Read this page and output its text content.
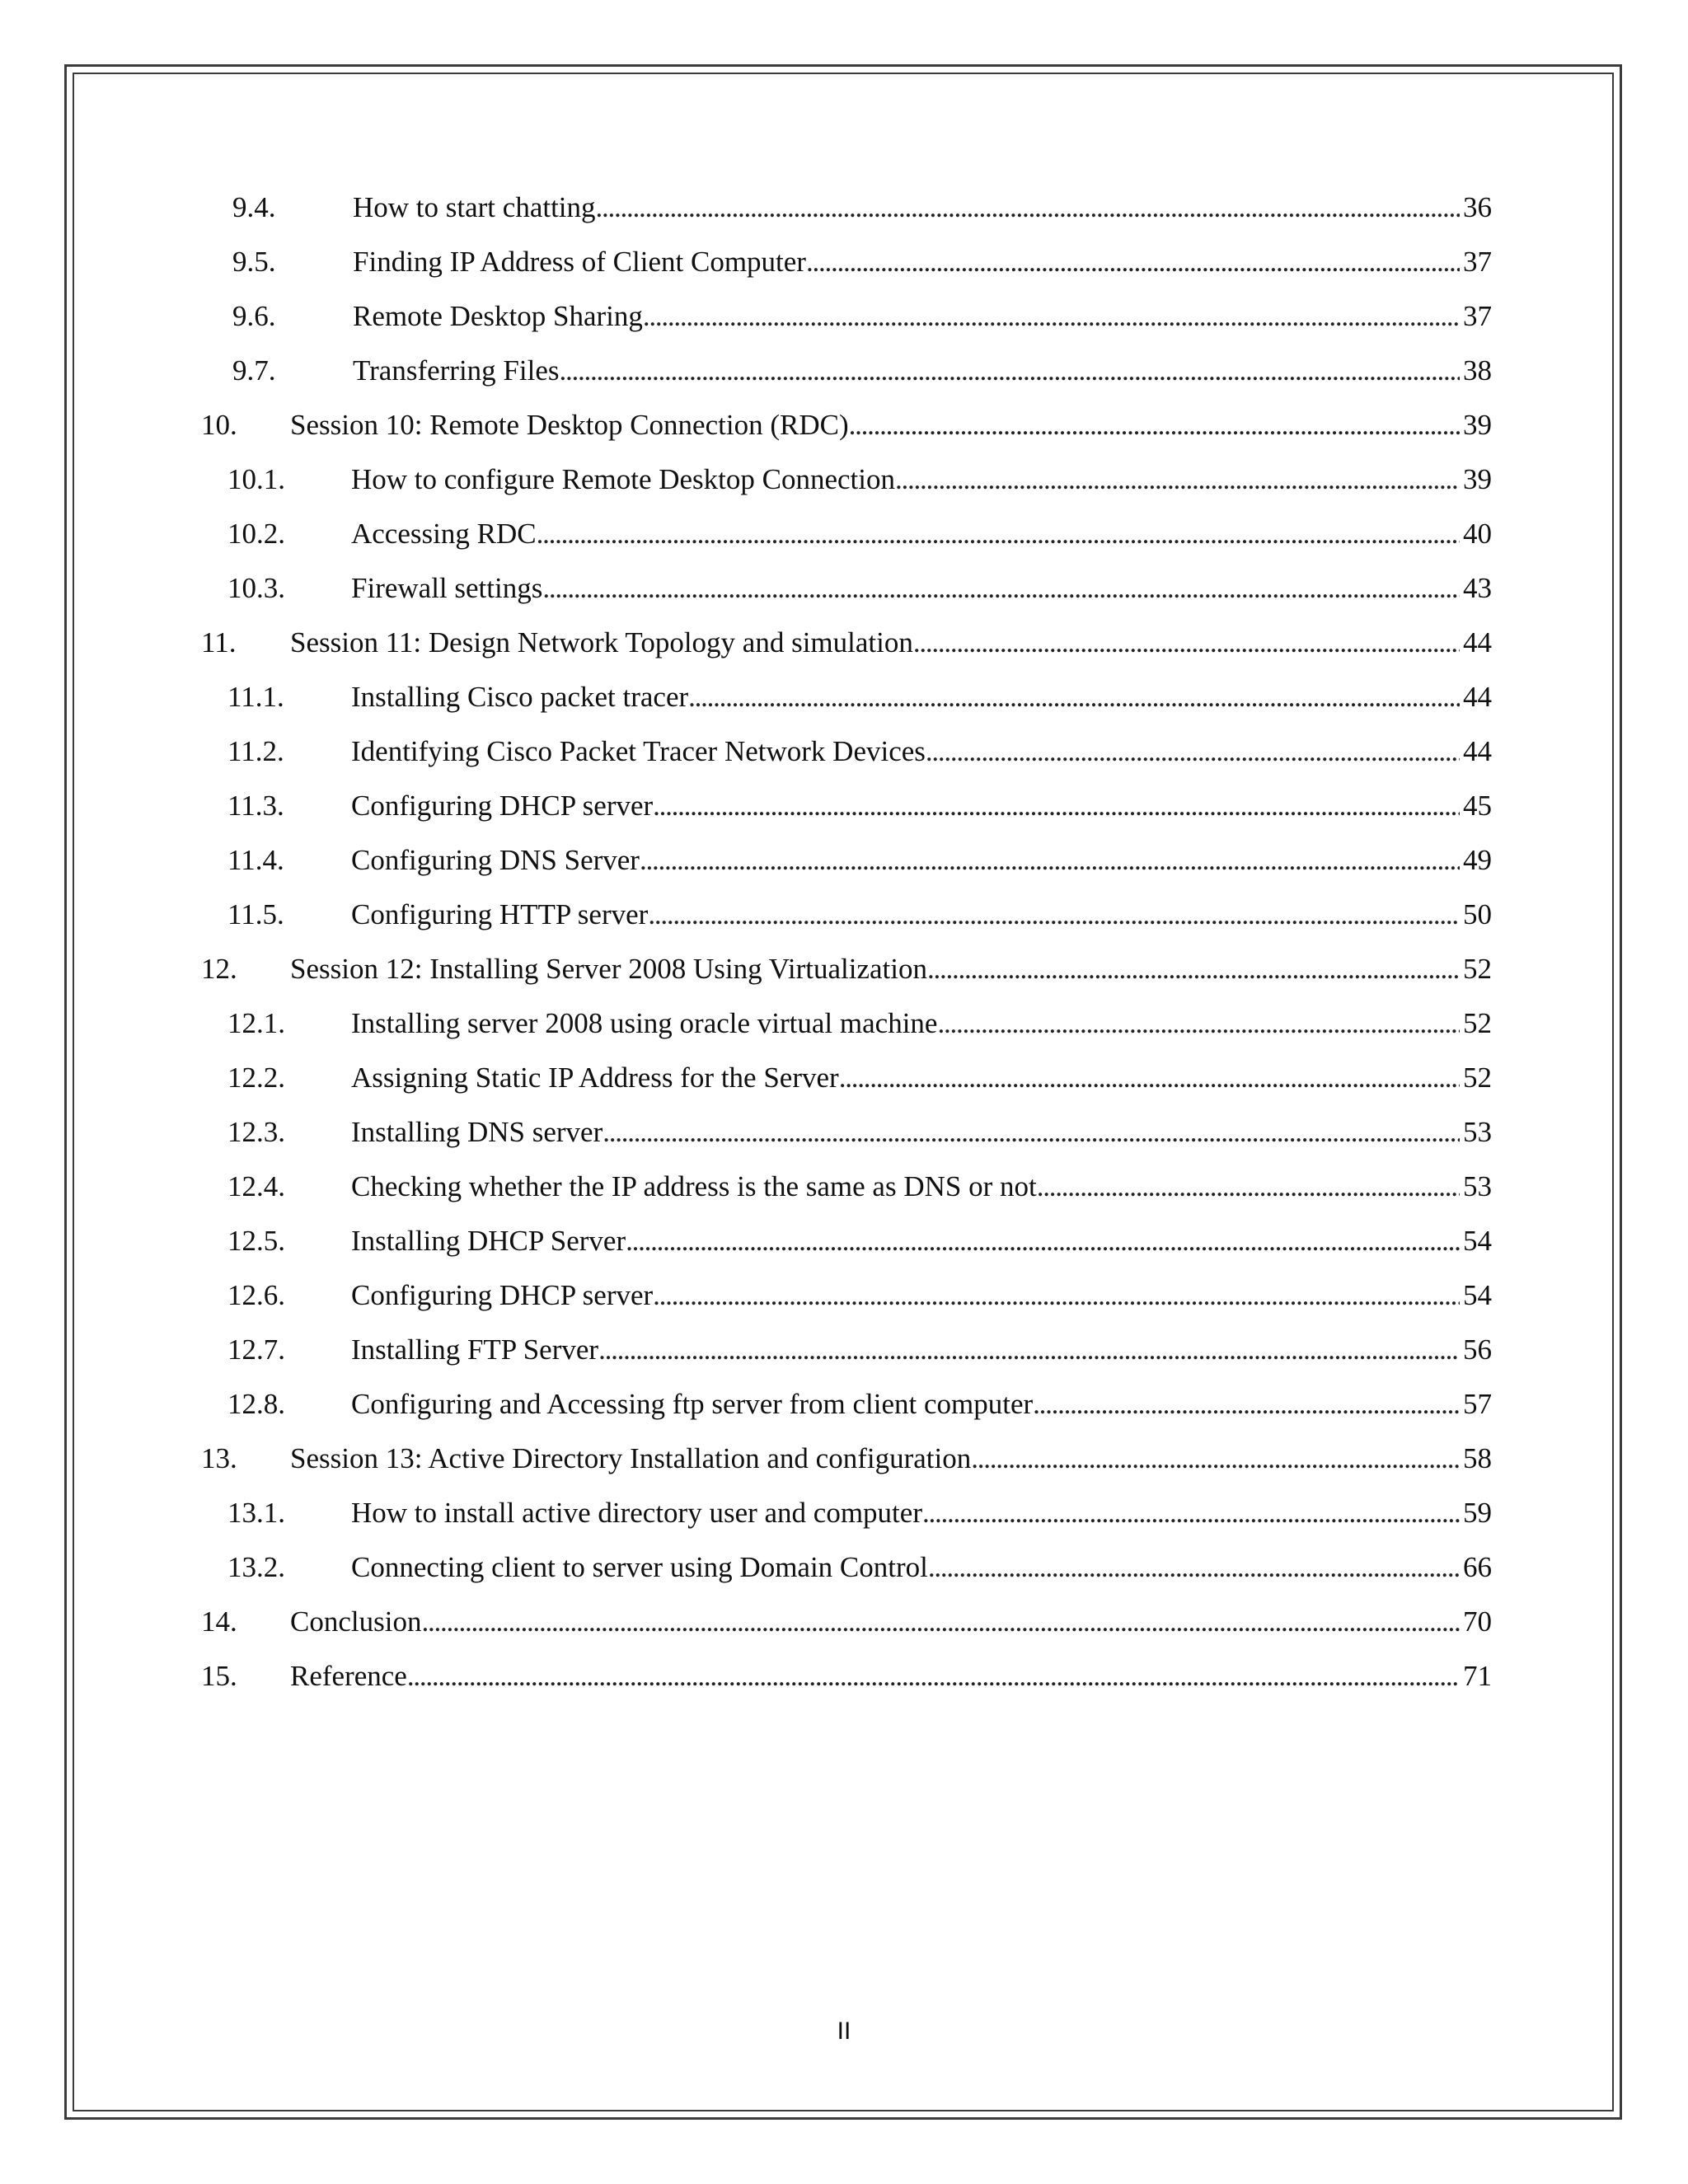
9.4.	How to start chatting . . .	36
9.5.	Finding IP Address of Client Computer . . .	37
9.6.	Remote Desktop Sharing . . .	37
9.7.	Transferring Files . . .	38
10. Session 10: Remote Desktop Connection (RDC) . . .	39
10.1. How to configure Remote Desktop Connection . . .	39
10.2. Accessing RDC . . .	40
10.3. Firewall settings . . .	43
11. Session 11: Design Network Topology and simulation . . .	44
11.1. Installing Cisco packet tracer . . .	44
11.2. Identifying Cisco Packet Tracer Network Devices . . .	44
11.3. Configuring DHCP server . . .	45
11.4. Configuring DNS Server . . .	49
11.5. Configuring HTTP server . . .	50
12. Session 12: Installing Server 2008 Using Virtualization . . .	52
12.1. Installing server 2008 using oracle virtual machine . . .	52
12.2. Assigning Static IP Address for the Server . . .	52
12.3. Installing DNS server . . .	53
12.4. Checking whether the IP address is the same as DNS or not . . .	53
12.5. Installing DHCP Server . . .	54
12.6. Configuring DHCP server . . .	54
12.7. Installing FTP Server . . .	56
12.8. Configuring and Accessing ftp server from client computer . . .	57
13. Session 13: Active Directory Installation and configuration . . .	58
13.1. How to install active directory user and computer . . .	59
13.2. Connecting client to server using Domain Control . . .	66
14. Conclusion . . .	70
15. Reference . . .	71
II
